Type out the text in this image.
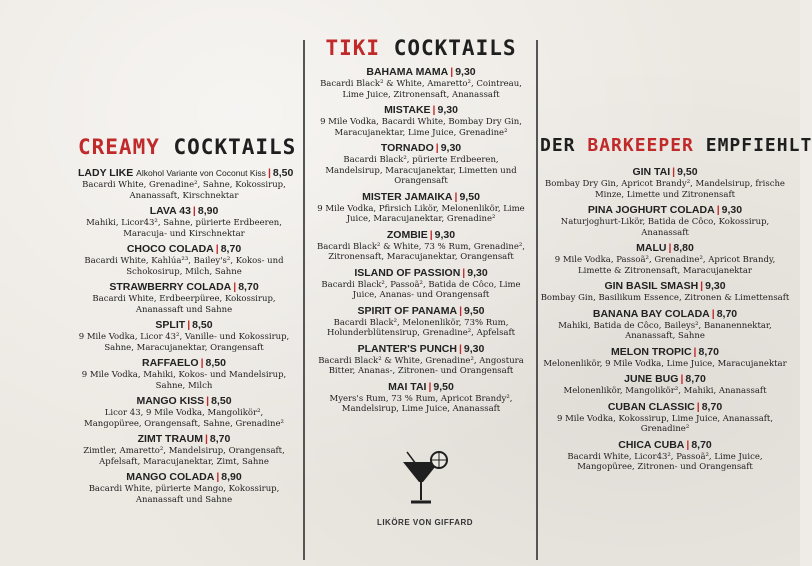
CREAMY COCKTAILS
LADY LIKE Alkohol Variante von Coconut Kiss | 8,50
Bacardi White, Grenadine², Sahne, Kokossirup, Ananassaft, Kirschnektar
LAVA 43 | 8,90
Mahiki, Licor43², Sahne, pürierte Erdbeeren, Maracuja- und Kirschnektar
CHOCO COLADA | 8,70
Bacardi White, Kahlúa²³, Bailey's², Kokos- und Schokosirup, Milch, Sahne
STRAWBERRY COLADA | 8,70
Bacardi White, Erdbeerpüree, Kokossirup, Ananassaft und Sahne
SPLIT | 8,50
9 Mile Vodka, Licor 43², Vanille- und Kokossirup, Sahne, Maracujanektar, Orangensaft
RAFFAELO | 8,50
9 Mile Vodka, Mahiki, Kokos- und Mandelsirup, Sahne, Milch
MANGO KISS | 8,50
Licor 43, 9 Mile Vodka, Mangolikör², Mangopüree, Orangensaft, Sahne, Grenadine²
ZIMT TRAUM | 8,70
Zimtler, Amaretto², Mandelsirup, Orangensaft, Apfelsaft, Maracujanektar, Zimt, Sahne
MANGO COLADA | 8,90
Bacardi White, pürierte Mango, Kokossirup, Ananassaft und Sahne
TIKI COCKTAILS
BAHAMA MAMA | 9,30
Bacardi Black² & White, Amaretto², Cointreau, Lime Juice, Zitronensaft, Ananassaft
MISTAKE | 9,30
9 Mile Vodka, Bacardi White, Bombay Dry Gin, Maracujanektar, Lime Juice, Grenadine²
TORNADO | 9,30
Bacardi Black², pürierte Erdbeeren, Mandelsirup, Maracujanektar, Limetten und Orangensaft
MISTER JAMAIKA | 9,50
9 Mile Vodka, Pfirsich Likör, Melonenlikör, Lime Juice, Maracujanektar, Grenadine²
ZOMBIE | 9,30
Bacardi Black² & White, 73 % Rum, Grenadine², Zitronensaft, Maracujanektar, Orangensaft
ISLAND OF PASSION | 9,30
Bacardi Black², Passoã², Batida de Côco, Lime Juice, Ananas- und Orangensaft
SPIRIT OF PANAMA | 9,50
Bacardi Black², Melonenlikör, 73% Rum, Holunderblütensirup, Grenadine², Apfelsaft
PLANTER'S PUNCH | 9,30
Bacardi Black² & White, Grenadine², Angostura Bitter, Ananas-, Zitronen- und Orangensaft
MAI TAI | 9,50
Myers's Rum, 73 % Rum, Apricot Brandy², Mandelsirup, Lime Juice, Ananassaft
DER BARKEEPER EMPFIEHLT
GIN TAI | 9,50
Bombay Dry Gin, Apricot Brandy², Mandelsirup, frische Minze, Limette und Zitronensaft
PINA JOGHURT COLADA | 9,30
Naturjoghurt-Likör, Batida de Côco, Kokossirup, Ananassaft
MALU | 8,80
9 Mile Vodka, Passoã², Grenadine², Apricot Brandy, Limette & Zitronensaft, Maracujanektar
GIN BASIL SMASH | 9,30
Bombay Gin, Basilikum Essence, Zitronen & Limettensaft
BANANA BAY COLADA | 8,70
Mahiki, Batida de Côco, Baileys², Bananennektar, Ananassaft, Sahne
MELON TROPIC | 8,70
Melonenlikör, 9 Mile Vodka, Lime Juice, Maracujanektar
JUNE BUG | 8,70
Melonenlikör, Mangolikör², Mahiki, Ananassaft
CUBAN CLASSIC | 8,70
9 Mile Vodka, Kokossirup, Lime Juice, Ananassaft, Grenadine²
CHICA CUBA | 8,70
Bacardi White, Licor43², Passoã², Lime Juice, Mangopüree, Zitronen- und Orangensaft
LIKÖRE VON GIFFARD
